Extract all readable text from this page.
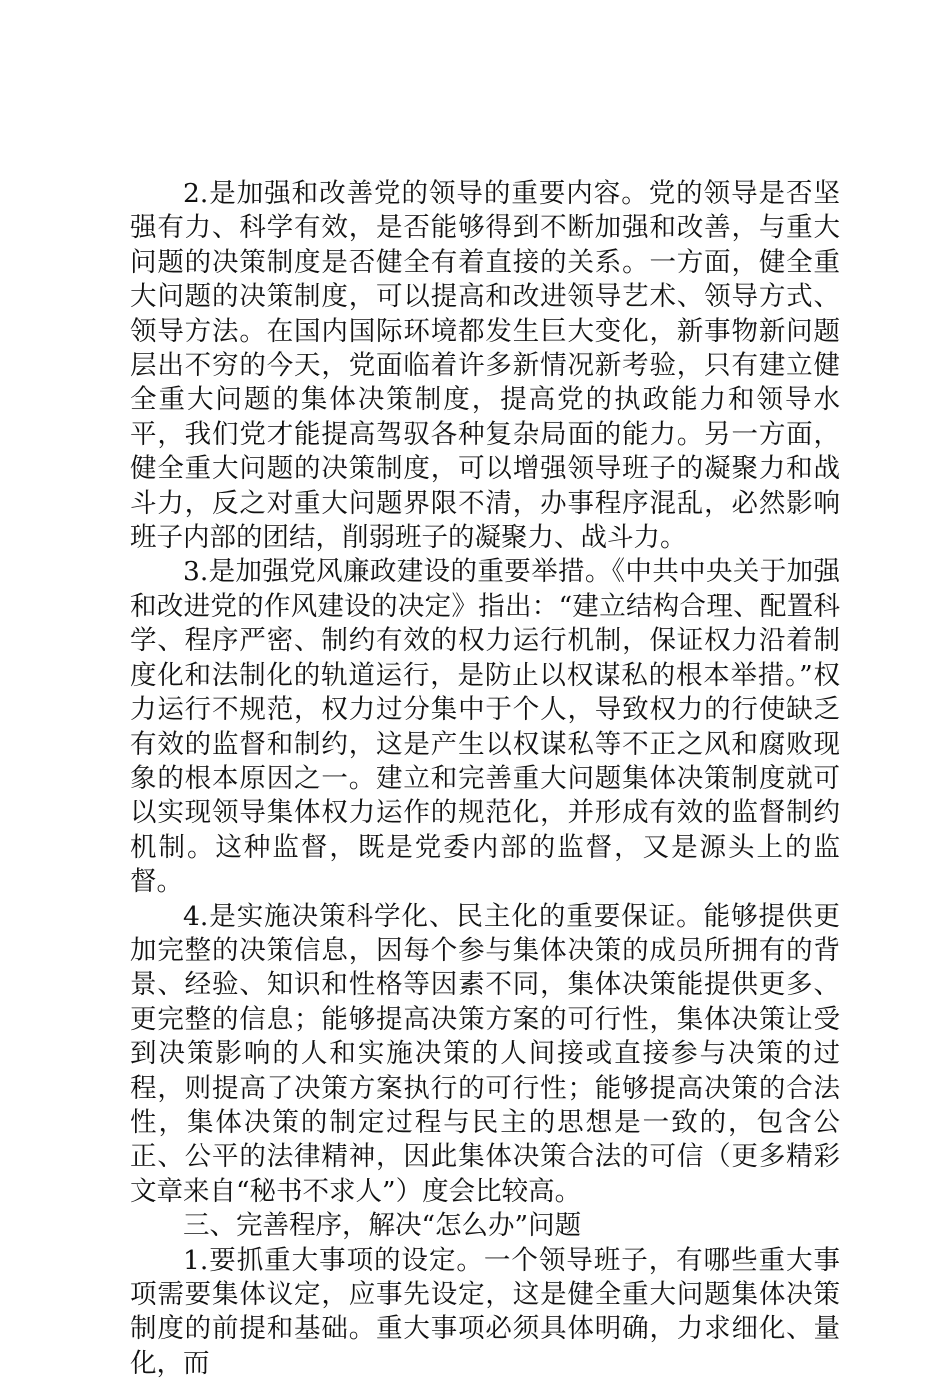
2.是加强和改善党的领导的重要内容。党的领导是否坚强有力、科学有效，是否能够得到不断加强和改善，与重大问题的决策制度是否健全有着直接的关系。一方面，健全重大问题的决策制度，可以提高和改进领导艺术、领导方式、领导方法。在国内国际环境都发生巨大变化，新事物新问题层出不穷的今天，党面临着许多新情况新考验，只有建立健全重大问题的集体决策制度，提高党的执政能力和领导水平，我们党才能提高驾驭各种复杂局面的能力。另一方面，健全重大问题的决策制度，可以增强领导班子的凝聚力和战斗力，反之对重大问题界限不清，办事程序混乱，必然影响班子内部的团结，削弱班子的凝聚力、战斗力。

3.是加强党风廉政建设的重要举措。《中共中央关于加强和改进党的作风建设的决定》指出：“建立结构合理、配置科学、程序严密、制约有效的权力运行机制，保证权力沿着制度化和法制化的轨道运行，是防止以权谋私的根本举措。”权力运行不规范，权力过分集中于个人，导致权力的行使缺乏有效的监督和制约，这是产生以权谋私等不正之风和腐败现象的根本原因之一。建立和完善重大问题集体决策制度就可以实现领导集体权力运作的规范化，并形成有效的监督制约机制。这种监督，既是党委内部的监督，又是源头上的监督。

4.是实施决策科学化、民主化的重要保证。能够提供更加完整的决策信息，因每个参与集体决策的成员所拥有的背景、经验、知识和性格等因素不同，集体决策能提供更多、更完整的信息；能够提高决策方案的可行性，集体决策让受到决策影响的人和实施决策的人间接或直接参与决策的过程，则提高了决策方案执行的可行性；能够提高决策的合法性，集体决策的制定过程与民主的思想是一致的，包含公正、公平的法律精神，因此集体决策合法的可信（更多精彩文章来自“秘书不求人”）度会比较高。

三、完善程序，解决“怎么办”问题

1.要抓重大事项的设定。一个领导班子，有哪些重大事项需要集体议定，应事先设定，这是健全重大问题集体决策制度的前提和基础。重大事项必须具体明确，力求细化、量化，而
